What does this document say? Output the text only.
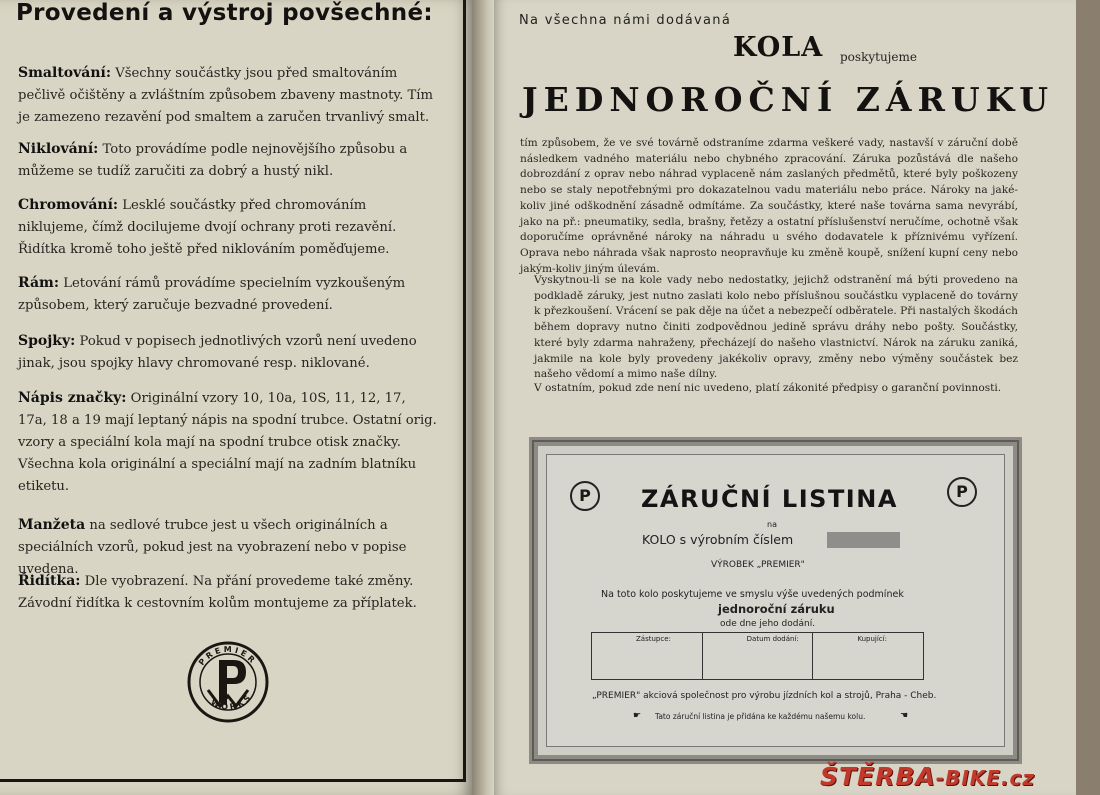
Provedení a výstroj povšechné:
Smaltování: Všechny součástky jsou před smaltováním pečlivě očištěny a zvláštním způsobem zbaveny mastnoty. Tím je zamezeno rezavění pod smaltem a zaručen trvanlivý smalt.
Niklování: Toto provádíme podle nejnovějšího způsobu a můžeme se tudíž zaručiti za dobrý a hustý nikl.
Chromování: Lesklé součástky před chromováním niklujeme, čímž docilujeme dvojí ochrany proti rezavění. Řidítka kromě toho ještě před niklováním poměďujeme.
Rám: Letování rámů provádíme specielním vyzkoušeným způsobem, který zaručuje bezvadné provedení.
Spojky: Pokud v popisech jednotlivých vzorů není uvedeno jinak, jsou spojky hlavy chromované resp. niklované.
Nápis značky: Originální vzory 10, 10a, 10S, 11, 12, 17, 17a, 18 a 19 mají leptaný nápis na spodní trubce. Ostatní orig. vzory a speciální kola mají na spodní trubce otisk značky. Všechna kola originální a speciální mají na zadním blatníku etiketu.
Manžeta na sedlové trubce jest u všech originálních a speciálních vzorů, pokud jest na vyobrazení nebo v popise uvedena.
Řidítka: Dle vyobrazení. Na přání provedeme také změny. Závodní řidítka k cestovním kolům montujeme za příplatek.
P R E M I E R
W O R K S
Na všechna námi dodávaná
KOLA poskytujeme
JEDNOROČNÍ ZÁRUKU
tím způsobem, že ve své továrně odstraníme zdarma veškeré vady, nastavší v záruční době následkem vadného materiálu nebo chybného zpracování. Záruka pozůstává dle našeho dobrozdání z oprav nebo náhrad vyplaceně nám zaslaných předmětů, které byly poškozeny nebo se staly nepotřebnými pro dokazatelnou vadu materiálu nebo práce. Nároky na jaké-koliv jiné odškodnění zásadně odmítáme. Za součástky, které naše továrna sama nevyrábí, jako na př.: pneumatiky, sedla, brašny, řetězy a ostatní příslušenství neručíme, ochotně však doporučíme oprávněné nároky na náhradu u svého dodavatele k příznivému vyřízení. Oprava nebo náhrada však naprosto neopravňuje ku změně koupě, snížení kupní ceny nebo jakým-koliv jiným úlevám.
Vyskytnou-li se na kole vady nebo nedostatky, jejichž odstranění má býti provedeno na podkladě záruky, jest nutno zaslati kolo nebo příslušnou součástku vyplaceně do továrny k přezkoušení. Vrácení se pak děje na účet a nebezpečí odběratele. Při nastalých škodách během dopravy nutno činiti zodpovědnou jedině správu dráhy nebo pošty. Součástky, které byly zdarma nahraženy, přecházejí do našeho vlastnictví. Nárok na záruku zaniká, jakmile na kole byly provedeny jakékoliv opravy, změny nebo výměny součástek bez našeho vědomí a mimo naše dílny.
V ostatním, pokud zde není nic uvedeno, platí zákonité předpisy o garanční povinnosti.
P	P
ZÁRUČNÍ LISTINA
na
KOLO s výrobním číslem
VÝROBEK „PREMIER"
Na toto kolo poskytujeme ve smyslu výše uvedených podmínek
jednoroční záruku
ode dne jeho dodání.
Zástupce:	Datum dodání:	Kupující:
„PREMIER" akciová společnost pro výrobu jízdních kol a strojů, Praha - Cheb.
☛ Tato záruční listina je přidána ke každému našemu kolu.	☚
ŠTĚRBA-BIKE.cz
